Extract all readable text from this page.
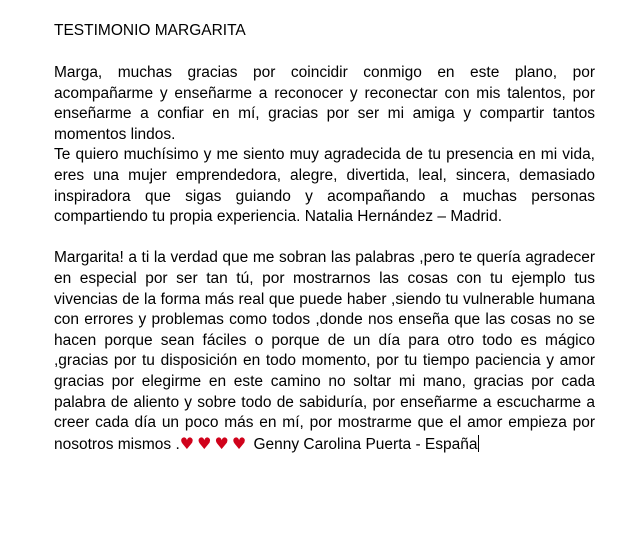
TESTIMONIO MARGARITA

Marga, muchas gracias por coincidir conmigo en este plano, por acompañarme y enseñarme a reconocer y reconectar con mis talentos, por enseñarme a confiar en mí, gracias por ser mi amiga y compartir tantos momentos lindos.

Te quiero muchísimo y me siento muy agradecida de tu presencia en mi vida, eres una mujer emprendedora, alegre, divertida, leal, sincera, demasiado inspiradora que sigas guiando y acompañando a muchas personas compartiendo tu propia experiencia. Natalia Hernández – Madrid.

Margarita! a ti la verdad que me sobran las palabras ,pero te quería agradecer en especial por ser tan tú, por mostrarnos las cosas con tu ejemplo tus vivencias de la forma más real que puede haber ,siendo tu vulnerable humana con errores y problemas como todos ,donde nos enseña que las cosas no se hacen porque sean fáciles o porque de un día para otro todo es mágico ,gracias por tu disposición en todo momento, por tu tiempo paciencia y amor gracias por elegirme en este camino no soltar mi mano, gracias por cada palabra de aliento y sobre todo de sabiduría, por enseñarme a escucharme a creer cada día un poco más en mí, por mostrarme que el amor empieza por nosotros mismos .♥♥♥♥ Genny Carolina Puerta - España
